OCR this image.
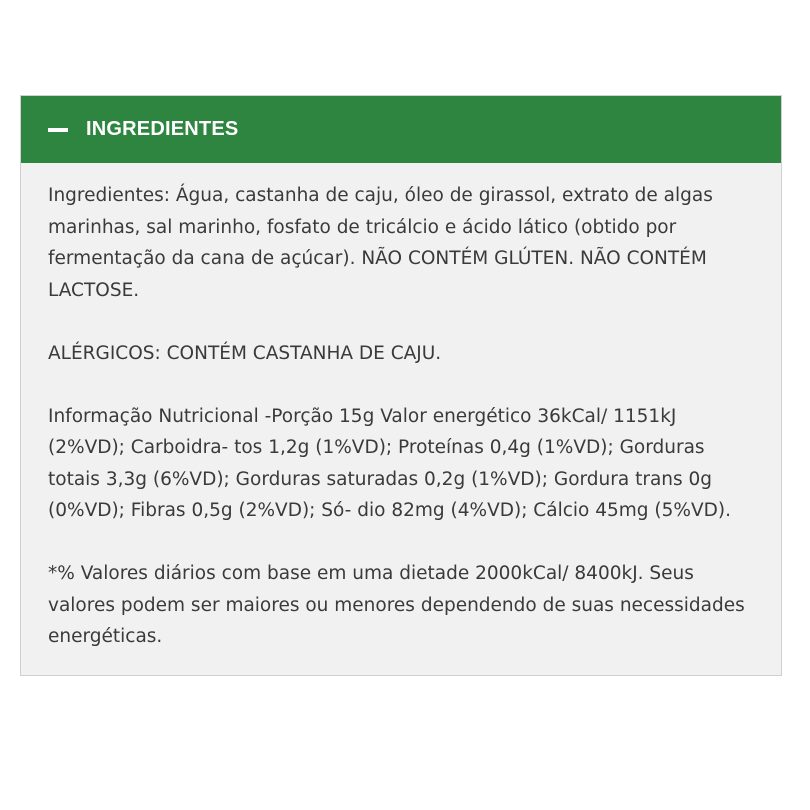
INGREDIENTES

Ingredientes: Água, castanha de caju, óleo de girassol, extrato de algas marinhas, sal marinho, fosfato de tricálcio e ácido lático (obtido por fermentação da cana de açúcar). NÃO CONTÉM GLÚTEN. NÃO CONTÉM LACTOSE.

ALÉRGICOS: CONTÉM CASTANHA DE CAJU.

Informação Nutricional -Porção 15g Valor energético 36kCal/ 1151kJ (2%VD); Carboidra- tos 1,2g (1%VD); Proteínas 0,4g (1%VD); Gorduras totais 3,3g (6%VD); Gorduras saturadas 0,2g (1%VD); Gordura trans 0g (0%VD); Fibras 0,5g (2%VD); Só- dio 82mg (4%VD); Cálcio 45mg (5%VD).

*% Valores diários com base em uma dietade 2000kCal/ 8400kJ. Seus valores podem ser maiores ou menores dependendo de suas necessidades energéticas.
